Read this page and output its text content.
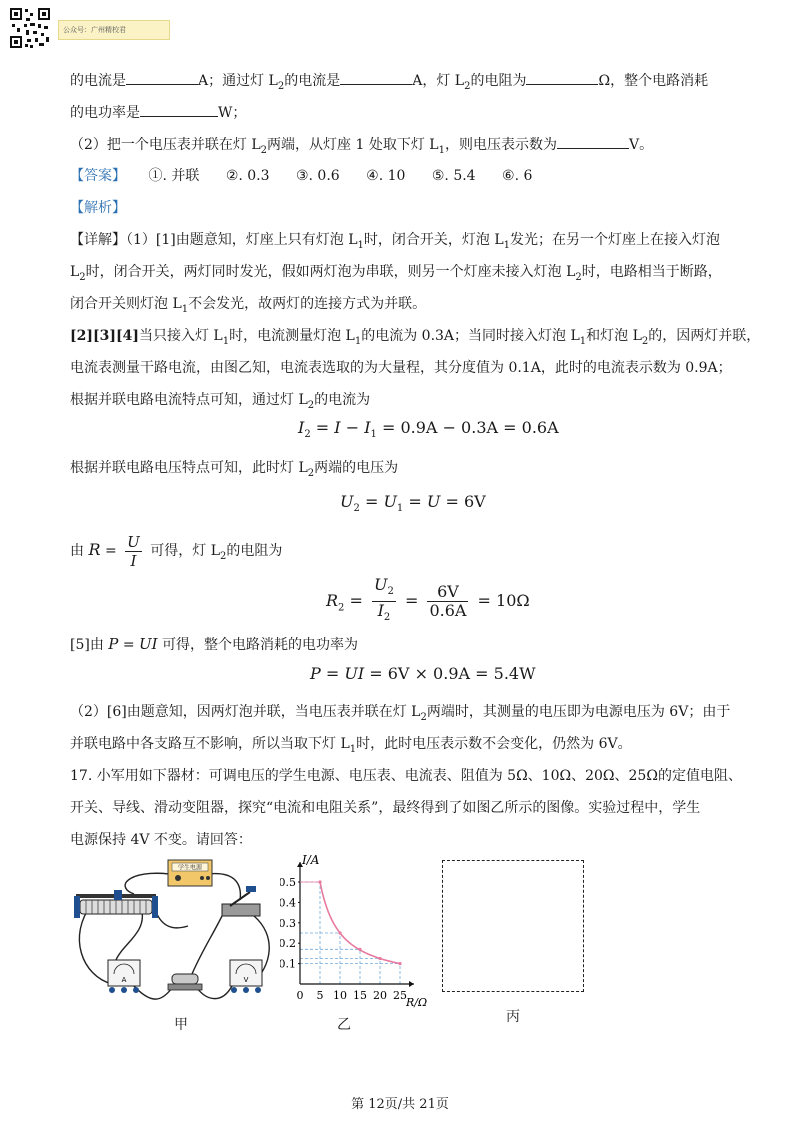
公众号：广州精校君
的电流是	A；通过灯 $L_2$的电流是	A，灯 $L_2$的电阻为	Ω，整个电路消耗
的电功率是	W；
（2）把一个电压表并联在灯 $L_2$两端，从灯座 1 处取下灯 $L_1$，则电压表示数为	V。
【答案】 ①. 并联 ②. 0.3 ③. 0.6 ④. 10 ⑤. 5.4 ⑥. 6
【解析】
【详解】（1）[1]由题意知，灯座上只有灯泡 $L_1$时，闭合开关，灯泡 $L_1$发光；在另一个灯座上在接入灯泡
$L_2$时，闭合开关，两灯同时发光，假如两灯泡为串联，则另一个灯座未接入灯泡 $L_2$时，电路相当于断路，
闭合开关则灯泡 $L_1$不会发光，故两灯的连接方式为并联。
[2][3][4]当只接入灯 $L_1$时，电流测量灯泡 $L_1$的电流为 0.3A；当同时接入灯泡 $L_1$和灯泡 $L_2$的，因两灯并联，
电流表测量干路电流，由图乙知，电流表选取的为大量程，其分度值为 0.1A，此时的电流表示数为 0.9A；
根据并联电路电流特点可知，通过灯 $L_2$的电流为
$I_2 = I - I_1 = 0.9A - 0.3A = 0.6A$
根据并联电路电压特点可知，此时灯 $L_2$两端的电压为
$U_2 = U_1 = U = 6V$
由 $R = \frac{U}{I}$ 可得，灯 $L_2$的电阻为
$R_2 = \frac{U_2}{I_2} = \frac{6V}{0.6A} = 10\Omega$
[5]由 P = UI 可得，整个电路消耗的电功率为
P = UI = 6V × 0.9A = 5.4W
（2）[6]由题意知，因两灯泡并联，当电压表并联在灯 $L_2$两端时，其测量的电压即为电源电压为 6V；由于
并联电路中各支路互不影响，所以当取下灯 $L_1$时，此时电压表示数不会变化，仍然为 6V。
17. 小军用如下器材：可调电压的学生电源、电压表、电流表、阻值为 5Ω、10Ω、20Ω、25Ω的定值电阻、
开关、导线、滑动变阻器，探究“电流和电阻关系”，最终得到了如图乙所示的图像。实验过程中，学生
电源保持 4V 不变。请回答：
学生电源
A	V
甲
0.1
0.2
0.3
0.4
0.5
0 5 10 15 20 25
I/A
R/Ω
乙	丙
第 12页/共 21页
